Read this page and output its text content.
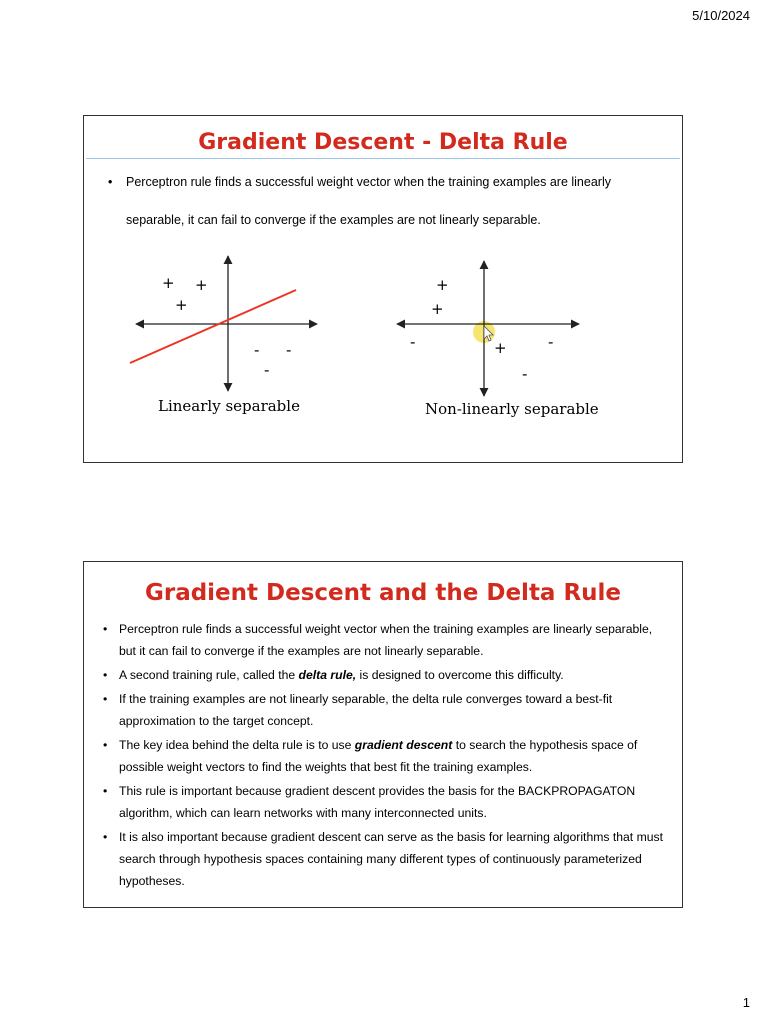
5/10/2024
Gradient Descent - Delta Rule
• Perceptron rule finds a successful weight vector when the training examples are linearly separable, it can fail to converge if the examples are not linearly separable.
+ +
+
- -
-
Linearly separable
+
+
+
-	-
-
Non-linearly separable
Gradient Descent and the Delta Rule
• Perceptron rule finds a successful weight vector when the training examples are linearly separable, but it can fail to converge if the examples are not linearly separable.
• A second training rule, called the delta rule, is designed to overcome this difficulty.
• If the training examples are not linearly separable, the delta rule converges toward a best-fit approximation to the target concept.
• The key idea behind the delta rule is to use gradient descent to search the hypothesis space of possible weight vectors to find the weights that best fit the training examples.
• This rule is important because gradient descent provides the basis for the BACKPROPAGATON algorithm, which can learn networks with many interconnected units.
• It is also important because gradient descent can serve as the basis for learning algorithms that must search through hypothesis spaces containing many different types of continuously parameterized hypotheses.
1
